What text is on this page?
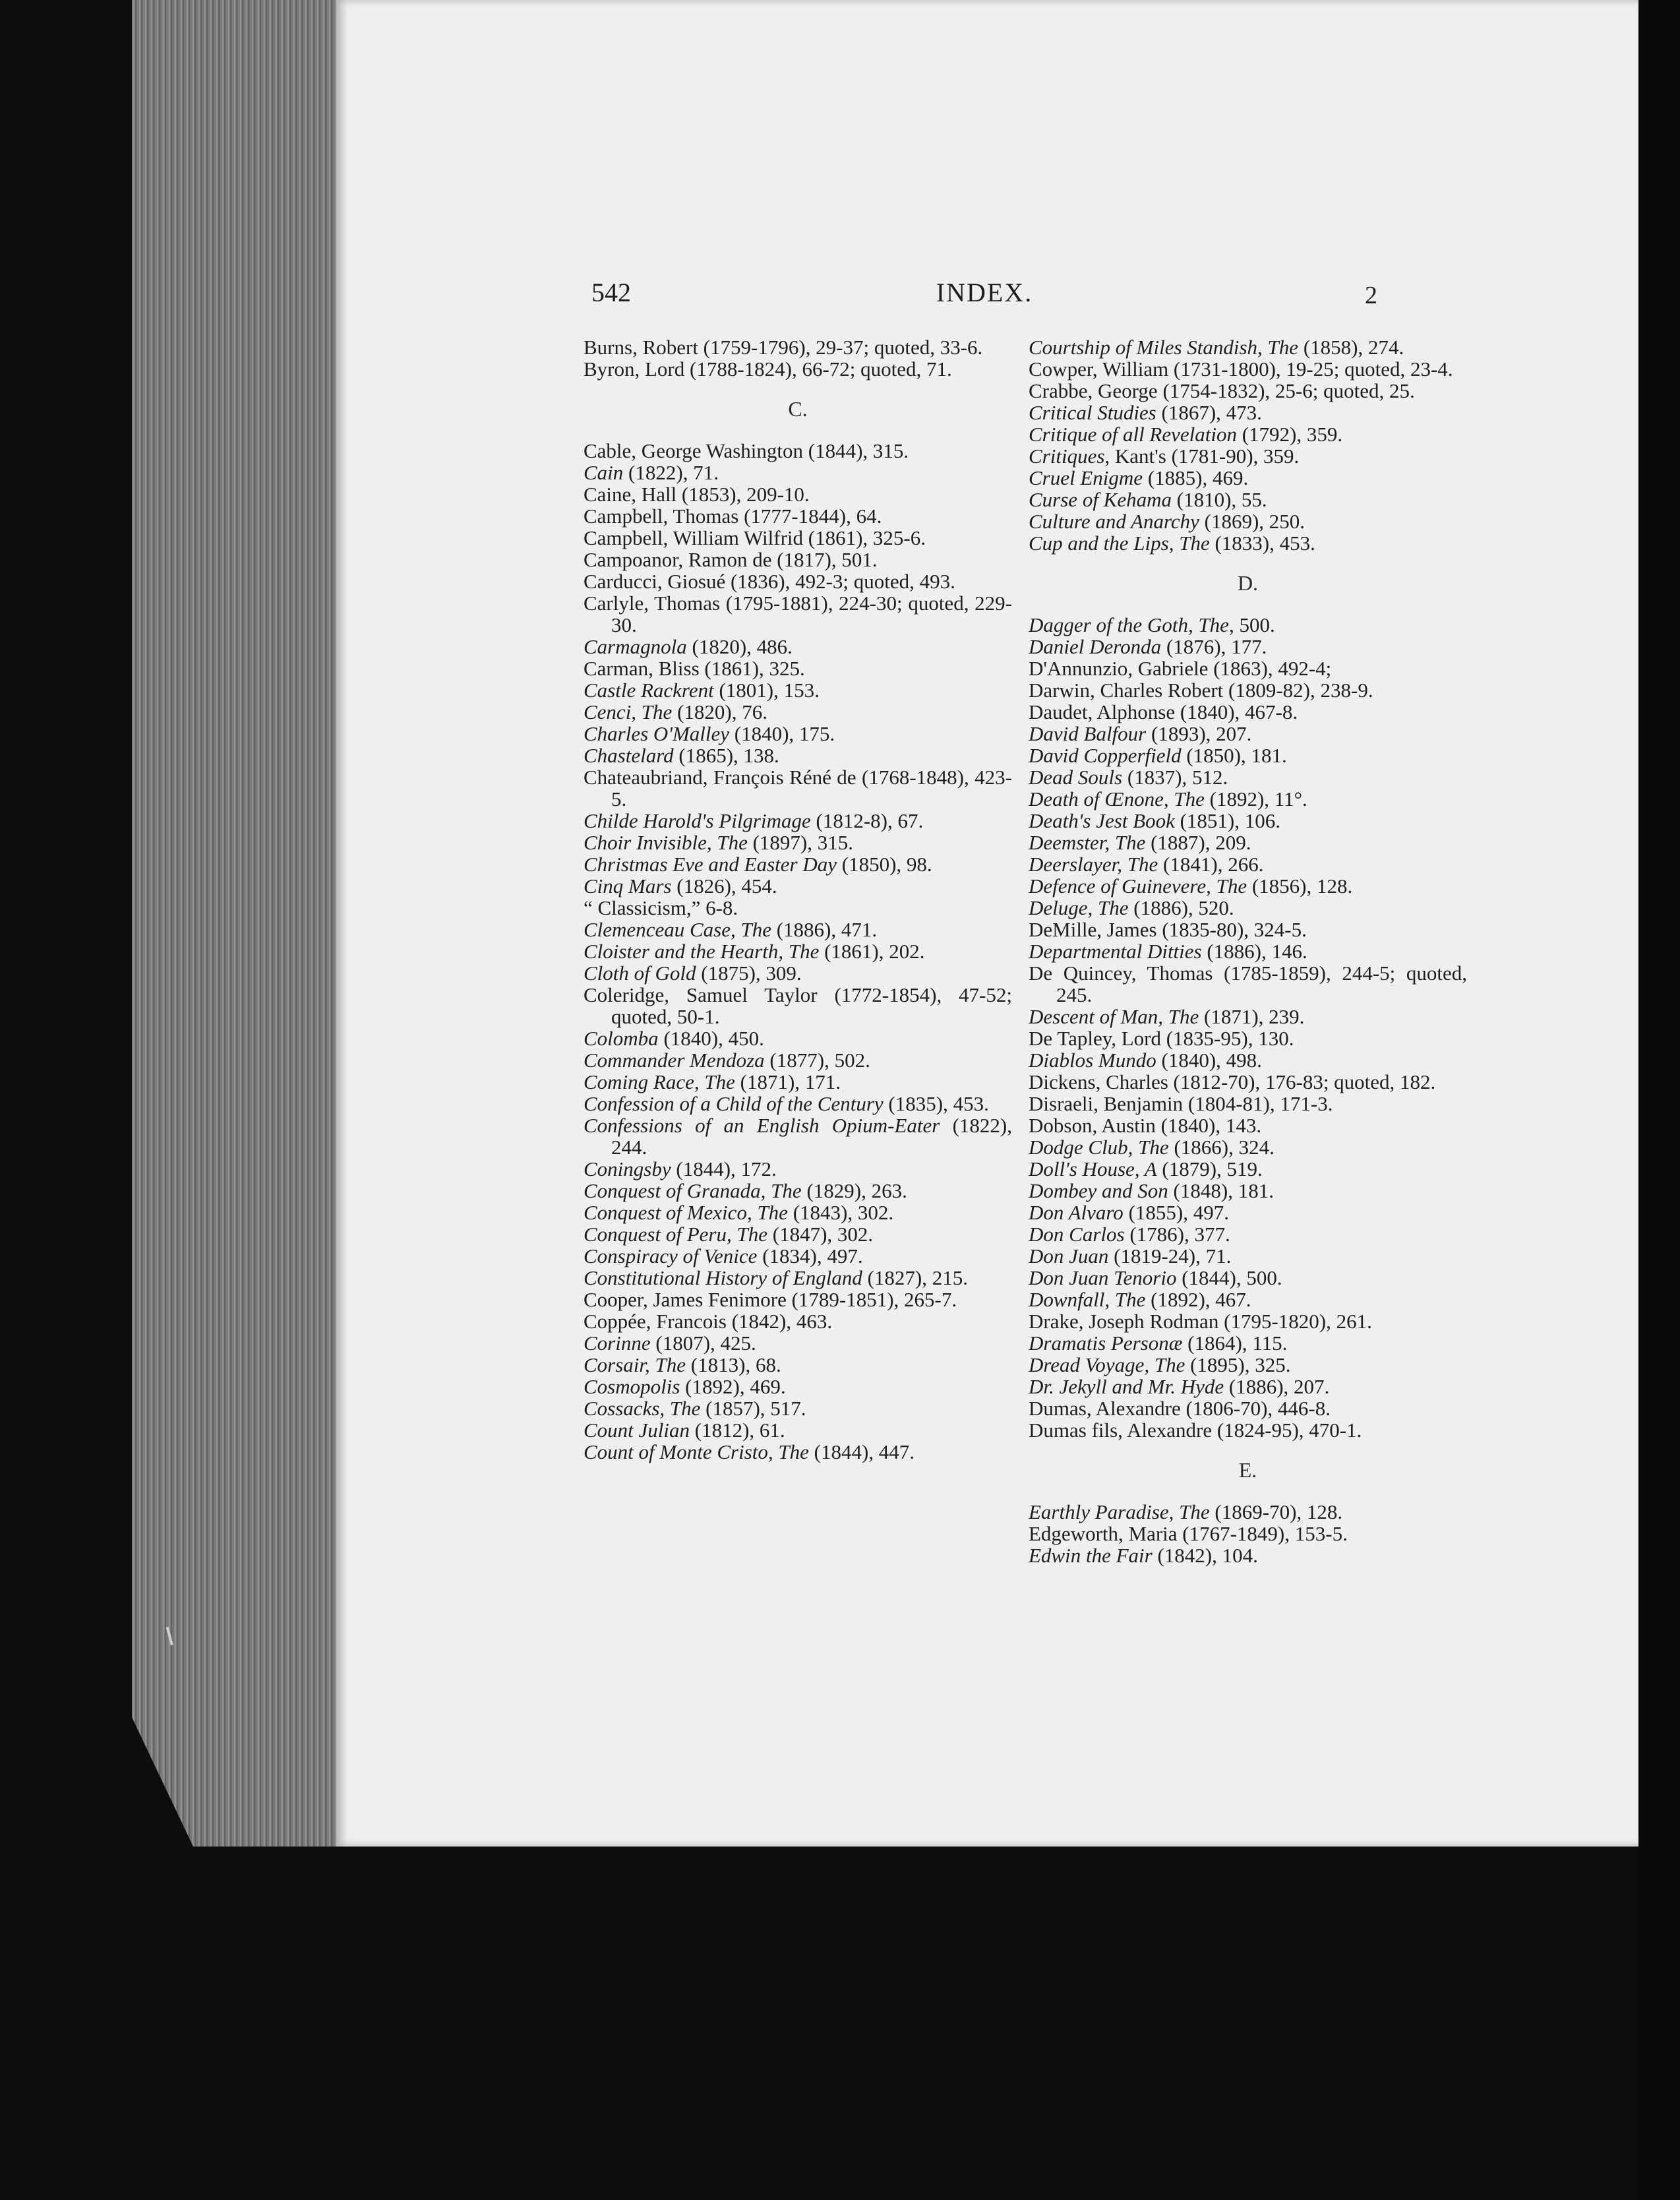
542	INDEX.	2

Burns, Robert (1759-1796), 29-37; quoted, 33-6.

Byron, Lord (1788-1824), 66-72; quoted, 71.

C.

Cable, George Washington (1844), 315.

Cain (1822), 71.

Caine, Hall (1853), 209-10.

Campbell, Thomas (1777-1844), 64.

Campbell, William Wilfrid (1861), 325-6.

Campoanor, Ramon de (1817), 501.

Carducci, Giosué (1836), 492-3; quoted, 493.

Carlyle, Thomas (1795-1881), 224-30; quoted, 229-30.

Carmagnola (1820), 486.

Carman, Bliss (1861), 325.

Castle Rackrent (1801), 153.

Cenci, The (1820), 76.

Charles O'Malley (1840), 175.

Chastelard (1865), 138.

Chateaubriand, François Réné de (1768-1848), 423-5.

Childe Harold's Pilgrimage (1812-8), 67.

Choir Invisible, The (1897), 315.

Christmas Eve and Easter Day (1850), 98.

Cinq Mars (1826), 454.

“ Classicism,” 6-8.

Clemenceau Case, The (1886), 471.

Cloister and the Hearth, The (1861), 202.

Cloth of Gold (1875), 309.

Coleridge, Samuel Taylor (1772-1854), 47-52; quoted, 50-1.

Colomba (1840), 450.

Commander Mendoza (1877), 502.

Coming Race, The (1871), 171.

Confession of a Child of the Century (1835), 453.

Confessions of an English Opium-Eater (1822), 244.

Coningsby (1844), 172.

Conquest of Granada, The (1829), 263.

Conquest of Mexico, The (1843), 302.

Conquest of Peru, The (1847), 302.

Conspiracy of Venice (1834), 497.

Constitutional History of England (1827), 215.

Cooper, James Fenimore (1789-1851), 265-7.

Coppée, Francois (1842), 463.

Corinne (1807), 425.

Corsair, The (1813), 68.

Cosmopolis (1892), 469.

Cossacks, The (1857), 517.

Count Julian (1812), 61.

Count of Monte Cristo, The (1844), 447.

Courtship of Miles Standish, The (1858), 274.

Cowper, William (1731-1800), 19-25; quoted, 23-4.

Crabbe, George (1754-1832), 25-6; quoted, 25.

Critical Studies (1867), 473.

Critique of all Revelation (1792), 359.

Critiques, Kant's (1781-90), 359.

Cruel Enigme (1885), 469.

Curse of Kehama (1810), 55.

Culture and Anarchy (1869), 250.

Cup and the Lips, The (1833), 453.

D.

Dagger of the Goth, The, 500.

Daniel Deronda (1876), 177.

D'Annunzio, Gabriele (1863), 492-4;

Darwin, Charles Robert (1809-82), 238-9.

Daudet, Alphonse (1840), 467-8.

David Balfour (1893), 207.

David Copperfield (1850), 181.

Dead Souls (1837), 512.

Death of Œnone, The (1892), 11°.

Death's Jest Book (1851), 106.

Deemster, The (1887), 209.

Deerslayer, The (1841), 266.

Defence of Guinevere, The (1856), 128.

Deluge, The (1886), 520.

DeMille, James (1835-80), 324-5.

Departmental Ditties (1886), 146.

De Quincey, Thomas (1785-1859), 244-5; quoted, 245.

Descent of Man, The (1871), 239.

De Tapley, Lord (1835-95), 130.

Diablos Mundo (1840), 498.

Dickens, Charles (1812-70), 176-83; quoted, 182.

Disraeli, Benjamin (1804-81), 171-3.

Dobson, Austin (1840), 143.

Dodge Club, The (1866), 324.

Doll's House, A (1879), 519.

Dombey and Son (1848), 181.

Don Alvaro (1855), 497.

Don Carlos (1786), 377.

Don Juan (1819-24), 71.

Don Juan Tenorio (1844), 500.

Downfall, The (1892), 467.

Drake, Joseph Rodman (1795-1820), 261.

Dramatis Personæ (1864), 115.

Dread Voyage, The (1895), 325.

Dr. Jekyll and Mr. Hyde (1886), 207.

Dumas, Alexandre (1806-70), 446-8.

Dumas fils, Alexandre (1824-95), 470-1.

E.

Earthly Paradise, The (1869-70), 128.

Edgeworth, Maria (1767-1849), 153-5.

Edwin the Fair (1842), 104.
